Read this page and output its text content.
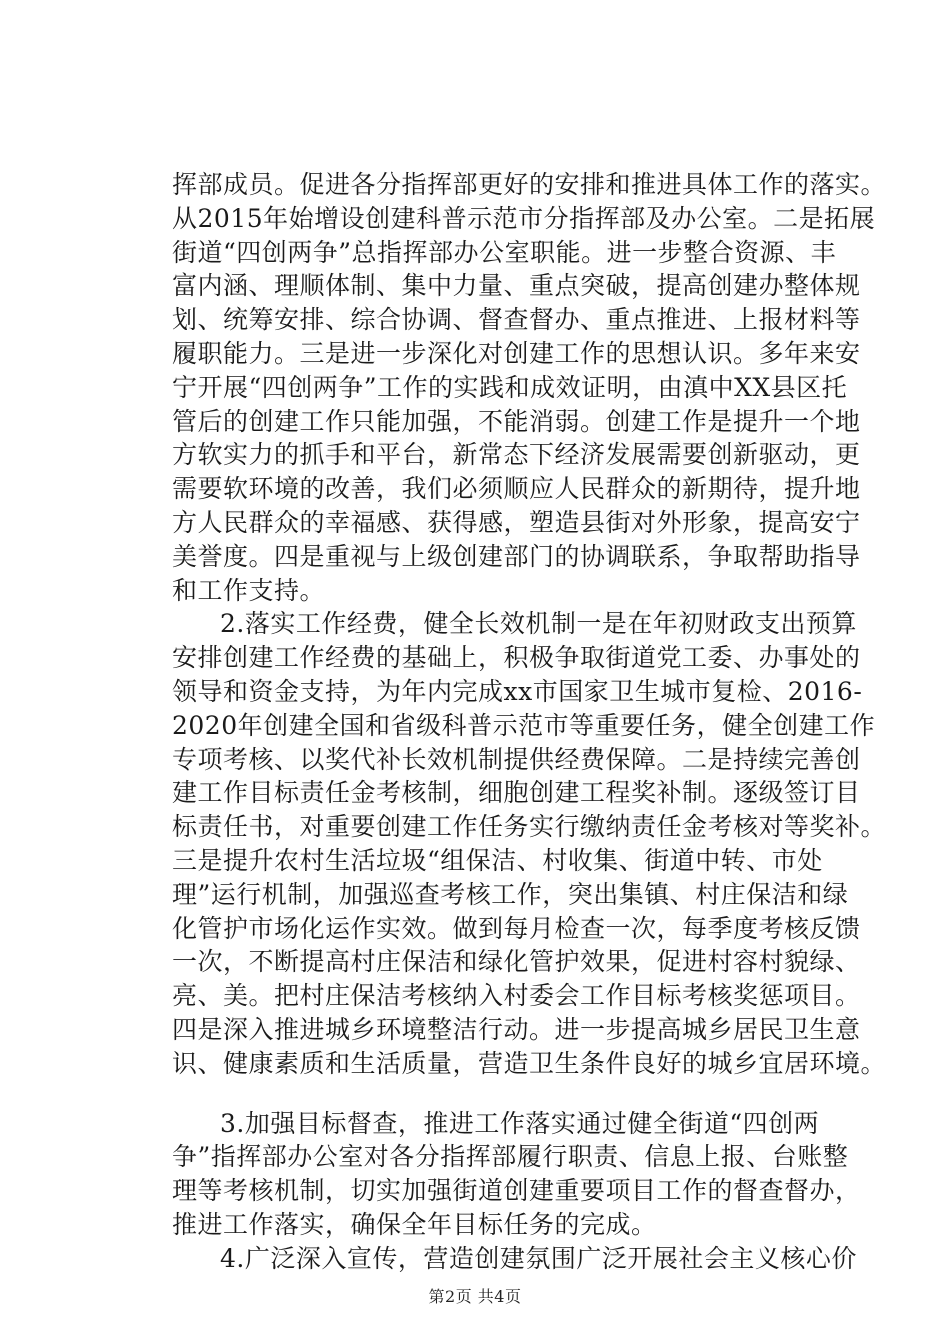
挥部成员。促进各分指挥部更好的安排和推进具体工作的落实。
从2015年始增设创建科普示范市分指挥部及办公室。二是拓展
街道“四创两争”总指挥部办公室职能。进一步整合资源、丰
富内涵、理顺体制、集中力量、重点突破，提高创建办整体规
划、统筹安排、综合协调、督查督办、重点推进、上报材料等
履职能力。三是进一步深化对创建工作的思想认识。多年来安
宁开展“四创两争”工作的实践和成效证明，由滇中XX县区托
管后的创建工作只能加强，不能消弱。创建工作是提升一个地
方软实力的抓手和平台，新常态下经济发展需要创新驱动，更
需要软环境的改善，我们必须顺应人民群众的新期待，提升地
方人民群众的幸福感、获得感，塑造县街对外形象，提高安宁
美誉度。四是重视与上级创建部门的协调联系，争取帮助指导
和工作支持。
2.落实工作经费，健全长效机制一是在年初财政支出预算
安排创建工作经费的基础上，积极争取街道党工委、办事处的
领导和资金支持，为年内完成xx市国家卫生城市复检、2016-
2020年创建全国和省级科普示范市等重要任务，健全创建工作
专项考核、以奖代补长效机制提供经费保障。二是持续完善创
建工作目标责任金考核制，细胞创建工程奖补制。逐级签订目
标责任书，对重要创建工作任务实行缴纳责任金考核对等奖补。
三是提升农村生活垃圾“组保洁、村收集、街道中转、市处
理”运行机制，加强巡查考核工作，突出集镇、村庄保洁和绿
化管护市场化运作实效。做到每月检查一次，每季度考核反馈
一次，不断提高村庄保洁和绿化管护效果，促进村容村貌绿、
亮、美。把村庄保洁考核纳入村委会工作目标考核奖惩项目。
四是深入推进城乡环境整洁行动。进一步提高城乡居民卫生意
识、健康素质和生活质量，营造卫生条件良好的城乡宜居环境。
3.加强目标督查，推进工作落实通过健全街道“四创两
争”指挥部办公室对各分指挥部履行职责、信息上报、台账整
理等考核机制，切实加强街道创建重要项目工作的督查督办，
推进工作落实，确保全年目标任务的完成。
4.广泛深入宣传，营造创建氛围广泛开展社会主义核心价
第2页 共4页
